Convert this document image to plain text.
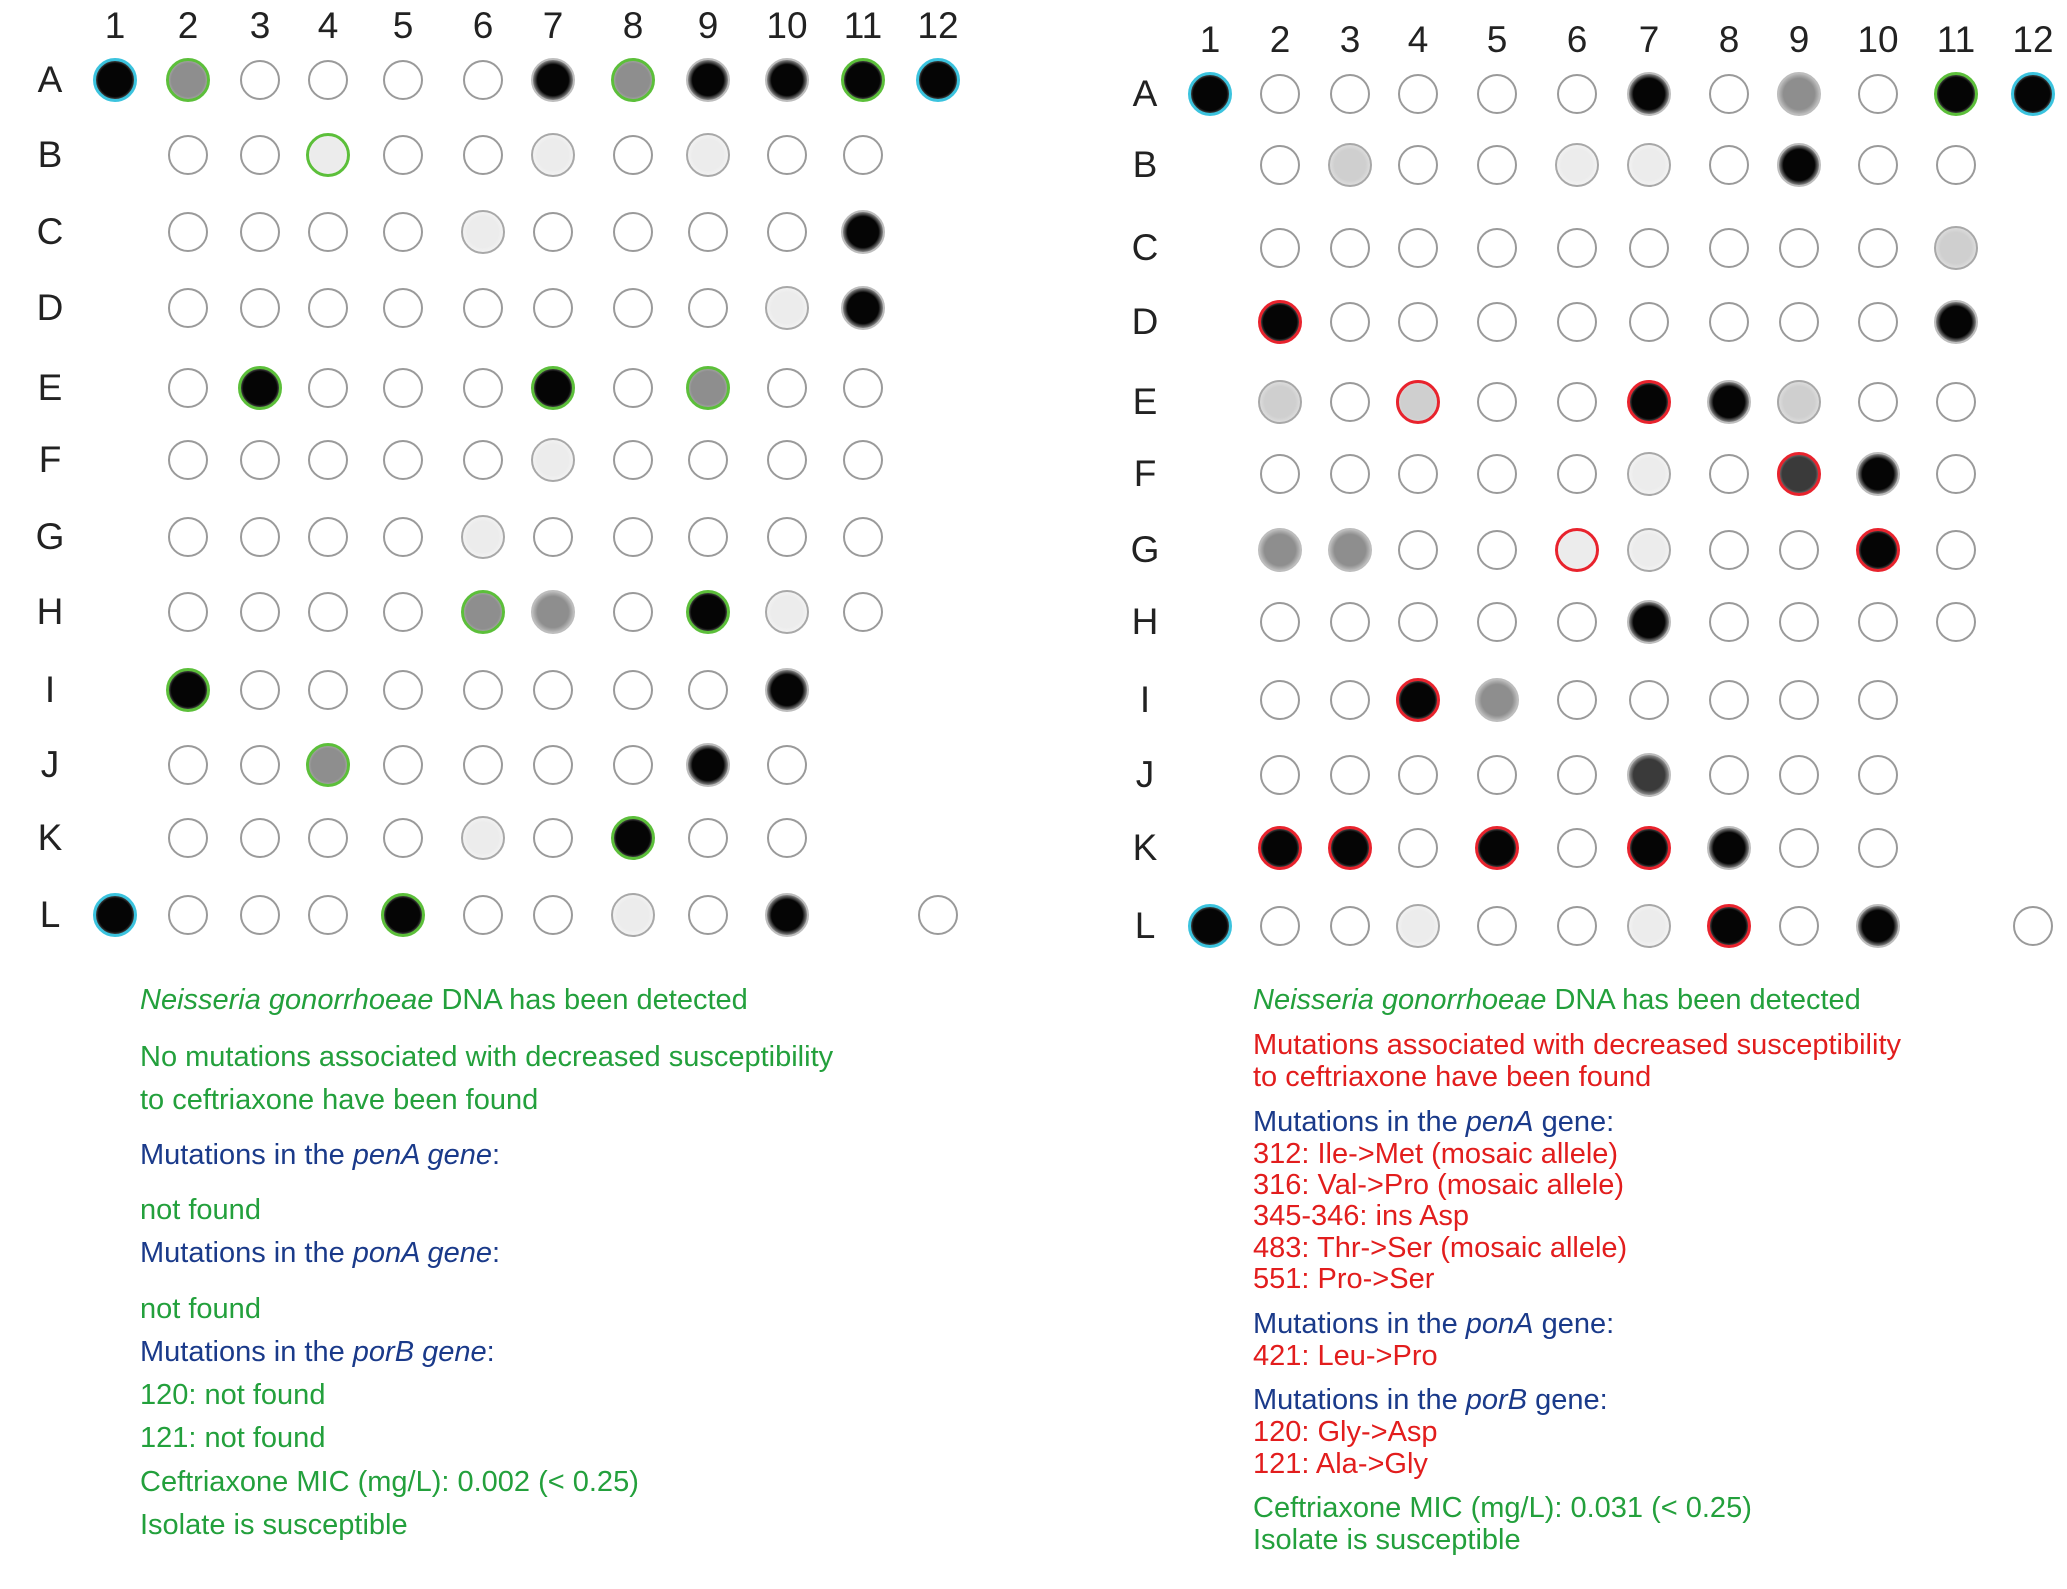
1 2 3 4 5 6 7 8 9 10 11 12
A
B
C
D
E
F
G
H
I
J
K
L
Neisseria gonorrhoeae DNA has been detected
No mutations associated with decreased susceptibility
to ceftriaxone have been found
Mutations in the penA gene:
not found
Mutations in the ponA gene:
not found
Mutations in the porB gene:
120: not found
121: not found
Ceftriaxone MIC (mg/L): 0.002 (< 0.25)
Isolate is susceptible
1 2 3 4 5 6 7 8 9 10 11 12
A
B
C
D
E
F
G
H
I
J
K
L
Neisseria gonorrhoeae DNA has been detected
Mutations associated with decreased susceptibility
to ceftriaxone have been found
Mutations in the penA gene:
312: Ile->Met (mosaic allele)
316: Val->Pro (mosaic allele)
345-346: ins Asp
483: Thr->Ser (mosaic allele)
551: Pro->Ser
Mutations in the ponA gene:
421: Leu->Pro
Mutations in the porB gene:
120: Gly->Asp
121: Ala->Gly
Ceftriaxone MIC (mg/L): 0.031 (< 0.25)
Isolate is susceptible
